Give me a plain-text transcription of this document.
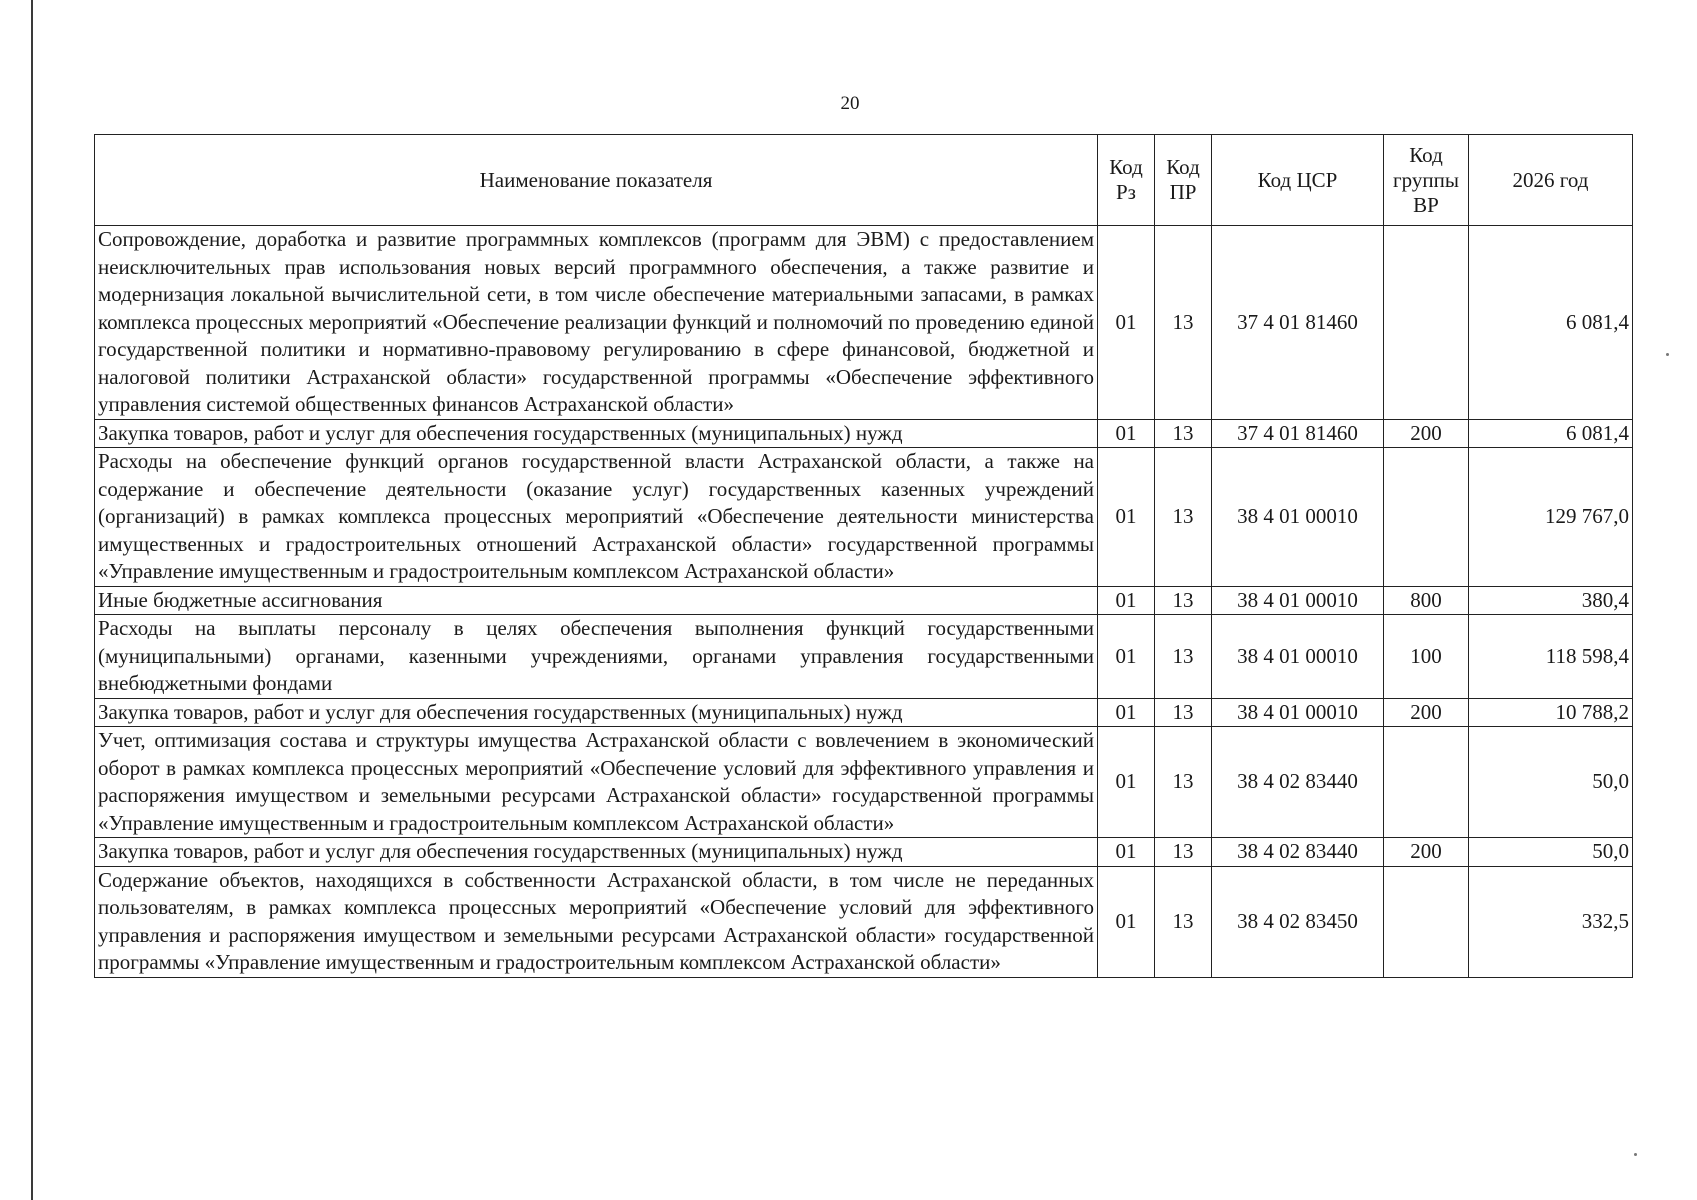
20
Наименование показателя	Код Рз	Код ПР	Код ЦСР	Код группы ВР	2026 год
Сопровождение, доработка и развитие программных комплексов (программ для ЭВМ) с предоставлением неисключительных прав использования новых версий программного обеспечения, а также развитие и модернизация локальной вычислительной сети, в том числе обеспечение материальными запасами, в рамках комплекса процессных мероприятий «Обеспечение реализации функций и полномочий по проведению единой государственной политики и нормативно-правовому регулированию в сфере финансовой, бюджетной и налоговой политики Астраханской области» государственной программы «Обеспечение эффективного управления системой общественных финансов Астраханской области»	01	13	37 4 01 81460		6 081,4
Закупка товаров, работ и услуг для обеспечения государственных (муниципальных) нужд	01	13	37 4 01 81460	200	6 081,4
Расходы на обеспечение функций органов государственной власти Астраханской области, а также на содержание и обеспечение деятельности (оказание услуг) государственных казенных учреждений (организаций) в рамках комплекса процессных мероприятий «Обеспечение деятельности министерства имущественных и градостроительных отношений Астраханской области» государственной программы «Управление имущественным и градостроительным комплексом Астраханской области»	01	13	38 4 01 00010		129 767,0
Иные бюджетные ассигнования	01	13	38 4 01 00010	800	380,4
Расходы на выплаты персоналу в целях обеспечения выполнения функций государственными (муниципальными) органами, казенными учреждениями, органами управления государственными внебюджетными фондами	01	13	38 4 01 00010	100	118 598,4
Закупка товаров, работ и услуг для обеспечения государственных (муниципальных) нужд	01	13	38 4 01 00010	200	10 788,2
Учет, оптимизация состава и структуры имущества Астраханской области с вовлечением в экономический оборот в рамках комплекса процессных мероприятий «Обеспечение условий для эффективного управления и распоряжения имуществом и земельными ресурсами Астраханской области» государственной программы «Управление имущественным и градостроительным комплексом Астраханской области»	01	13	38 4 02 83440		50,0
Закупка товаров, работ и услуг для обеспечения государственных (муниципальных) нужд	01	13	38 4 02 83440	200	50,0
Содержание объектов, находящихся в собственности Астраханской области, в том числе не переданных пользователям, в рамках комплекса процессных мероприятий «Обеспечение условий для эффективного управления и распоряжения имуществом и земельными ресурсами Астраханской области» государственной программы «Управление имущественным и градостроительным комплексом Астраханской области»	01	13	38 4 02 83450		332,5
